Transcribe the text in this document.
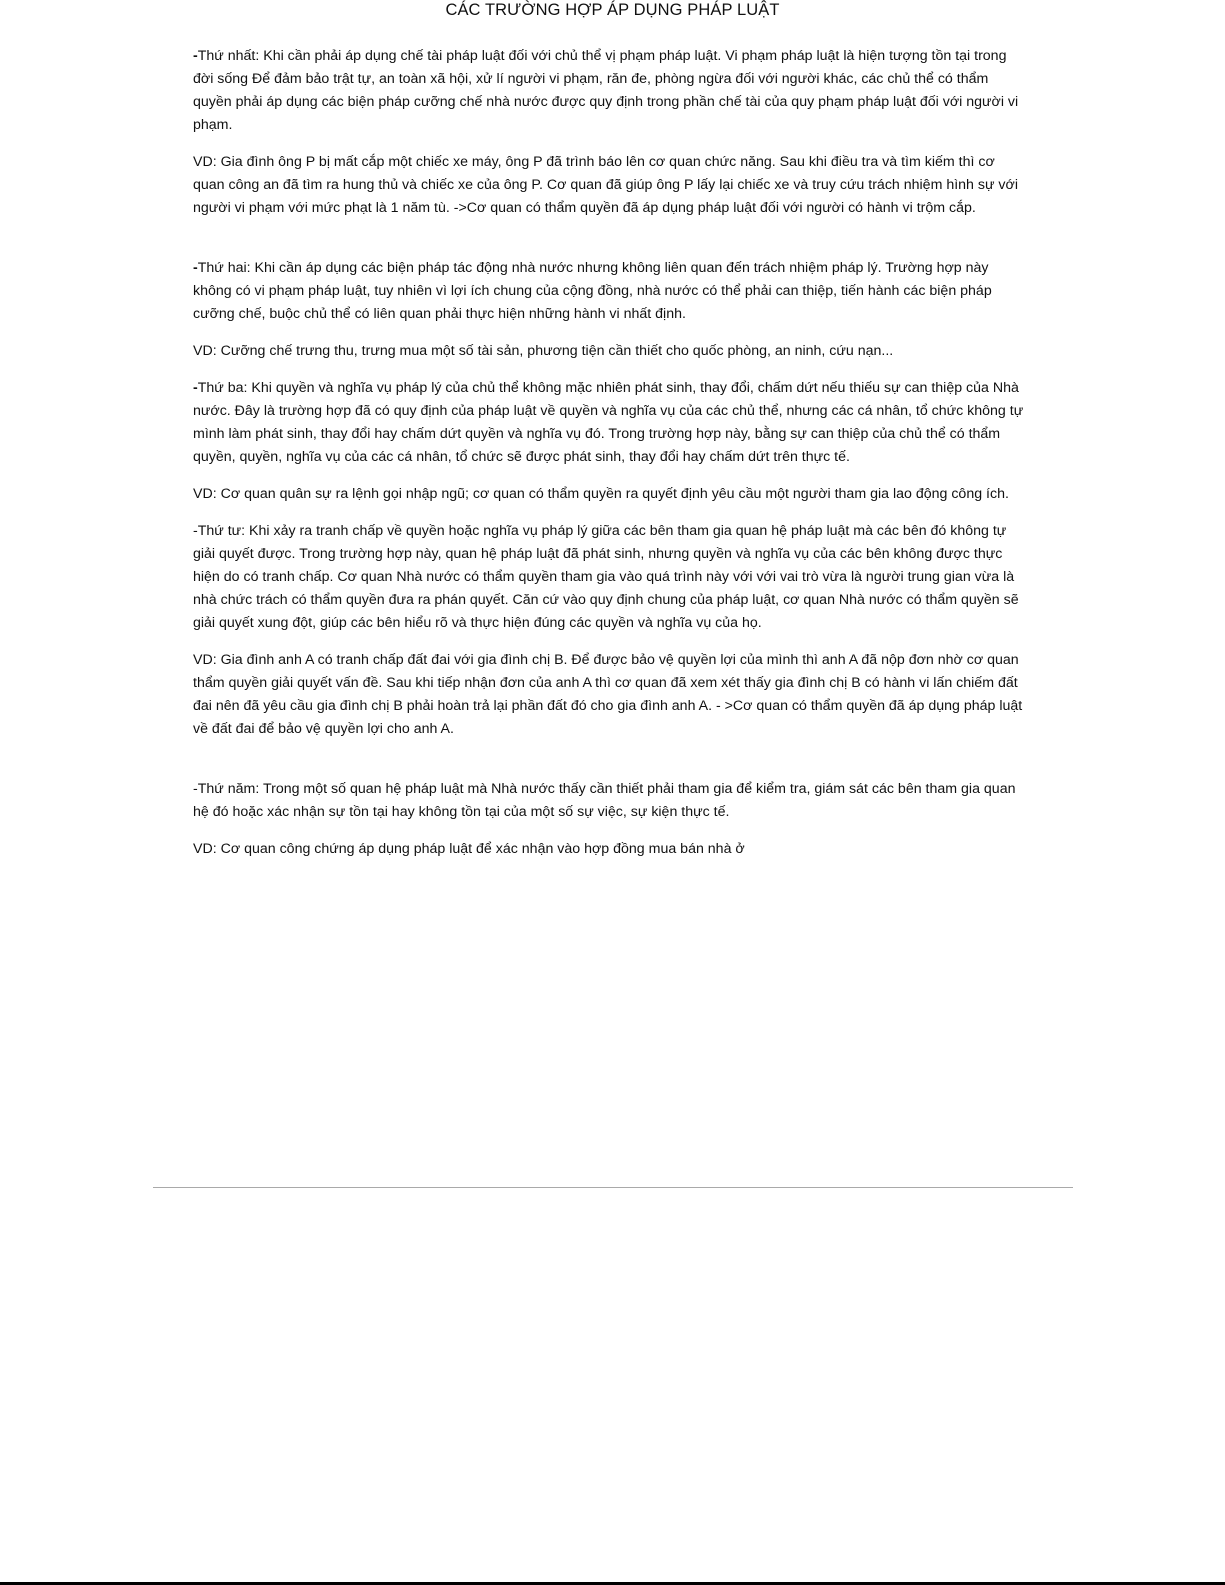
CÁC TRƯỜNG HỢP ÁP DỤNG PHÁP LUẬT

-Thứ nhất: Khi cần phải áp dụng chế tài pháp luật đối với chủ thể vị phạm pháp luật. Vi phạm pháp luật là hiện tượng tồn tại trong đời sống Để đảm bảo trật tự, an toàn xã hội, xử lí người vi phạm, răn đe, phòng ngừa đối với người khác, các chủ thể có thẩm quyền phải áp dụng các biện pháp cưỡng chế nhà nước được quy định trong phần chế tài của quy phạm pháp luật đối với người vi phạm.

VD: Gia đình ông P bị mất cắp một chiếc xe máy, ông P đã trình báo lên cơ quan chức năng. Sau khi điều tra và tìm kiếm thì cơ quan công an đã tìm ra hung thủ và chiếc xe của ông P. Cơ quan đã giúp ông P lấy lại chiếc xe và truy cứu trách nhiệm hình sự với người vi phạm với mức phạt là 1 năm tù. ->Cơ quan có thẩm quyền đã áp dụng pháp luật đối với người có hành vi trộm cắp.

-Thứ hai: Khi cần áp dụng các biện pháp tác động nhà nước nhưng không liên quan đến trách nhiệm pháp lý. Trường hợp này không có vi phạm pháp luật, tuy nhiên vì lợi ích chung của cộng đồng, nhà nước có thể phải can thiệp, tiến hành các biện pháp cưỡng chế, buộc chủ thể có liên quan phải thực hiện những hành vi nhất định.

VD: Cưỡng chế trưng thu, trưng mua một số tài sản, phương tiện cần thiết cho quốc phòng, an ninh, cứu nạn...

-Thứ ba: Khi quyền và nghĩa vụ pháp lý của chủ thể không mặc nhiên phát sinh, thay đổi, chấm dứt nếu thiếu sự can thiệp của Nhà nước. Đây là trường hợp đã có quy định của pháp luật về quyền và nghĩa vụ của các chủ thể, nhưng các cá nhân, tổ chức không tự mình làm phát sinh, thay đổi hay chấm dứt quyền và nghĩa vụ đó. Trong trường hợp này, bằng sự can thiệp của chủ thể có thẩm quyền, quyền, nghĩa vụ của các cá nhân, tổ chức sẽ được phát sinh, thay đổi hay chấm dứt trên thực tế.

VD: Cơ quan quân sự ra lệnh gọi nhập ngũ; cơ quan có thẩm quyền ra quyết định yêu cầu một người tham gia lao động công ích.

-Thứ tư: Khi xảy ra tranh chấp về quyền hoặc nghĩa vụ pháp lý giữa các bên tham gia quan hệ pháp luật mà các bên đó không tự giải quyết được. Trong trường hợp này, quan hệ pháp luật đã phát sinh, nhưng quyền và nghĩa vụ của các bên không được thực hiện do có tranh chấp. Cơ quan Nhà nước có thẩm quyền tham gia vào quá trình này với với vai trò vừa là người trung gian vừa là nhà chức trách có thẩm quyền đưa ra phán quyết. Căn cứ vào quy định chung của pháp luật, cơ quan Nhà nước có thẩm quyền sẽ giải quyết xung đột, giúp các bên hiểu rõ và thực hiện đúng các quyền và nghĩa vụ của họ.

VD: Gia đình anh A có tranh chấp đất đai với gia đình chị B. Để được bảo vệ quyền lợi của mình thì anh A đã nộp đơn nhờ cơ quan thẩm quyền giải quyết vấn đề. Sau khi tiếp nhận đơn của anh A thì cơ quan đã xem xét thấy gia đình chị B có hành vi lấn chiếm đất đai nên đã yêu cầu gia đình chị B phải hoàn trả lại phần đất đó cho gia đình anh A. - >Cơ quan có thẩm quyền đã áp dụng pháp luật về đất đai để bảo vệ quyền lợi cho anh A.

-Thứ năm: Trong một số quan hệ pháp luật mà Nhà nước thấy cần thiết phải tham gia để kiểm tra, giám sát các bên tham gia quan hệ đó hoặc xác nhận sự tồn tại hay không tồn tại của một số sự việc, sự kiện thực tế.

VD: Cơ quan công chứng áp dụng pháp luật để xác nhận vào hợp đồng mua bán nhà ở
